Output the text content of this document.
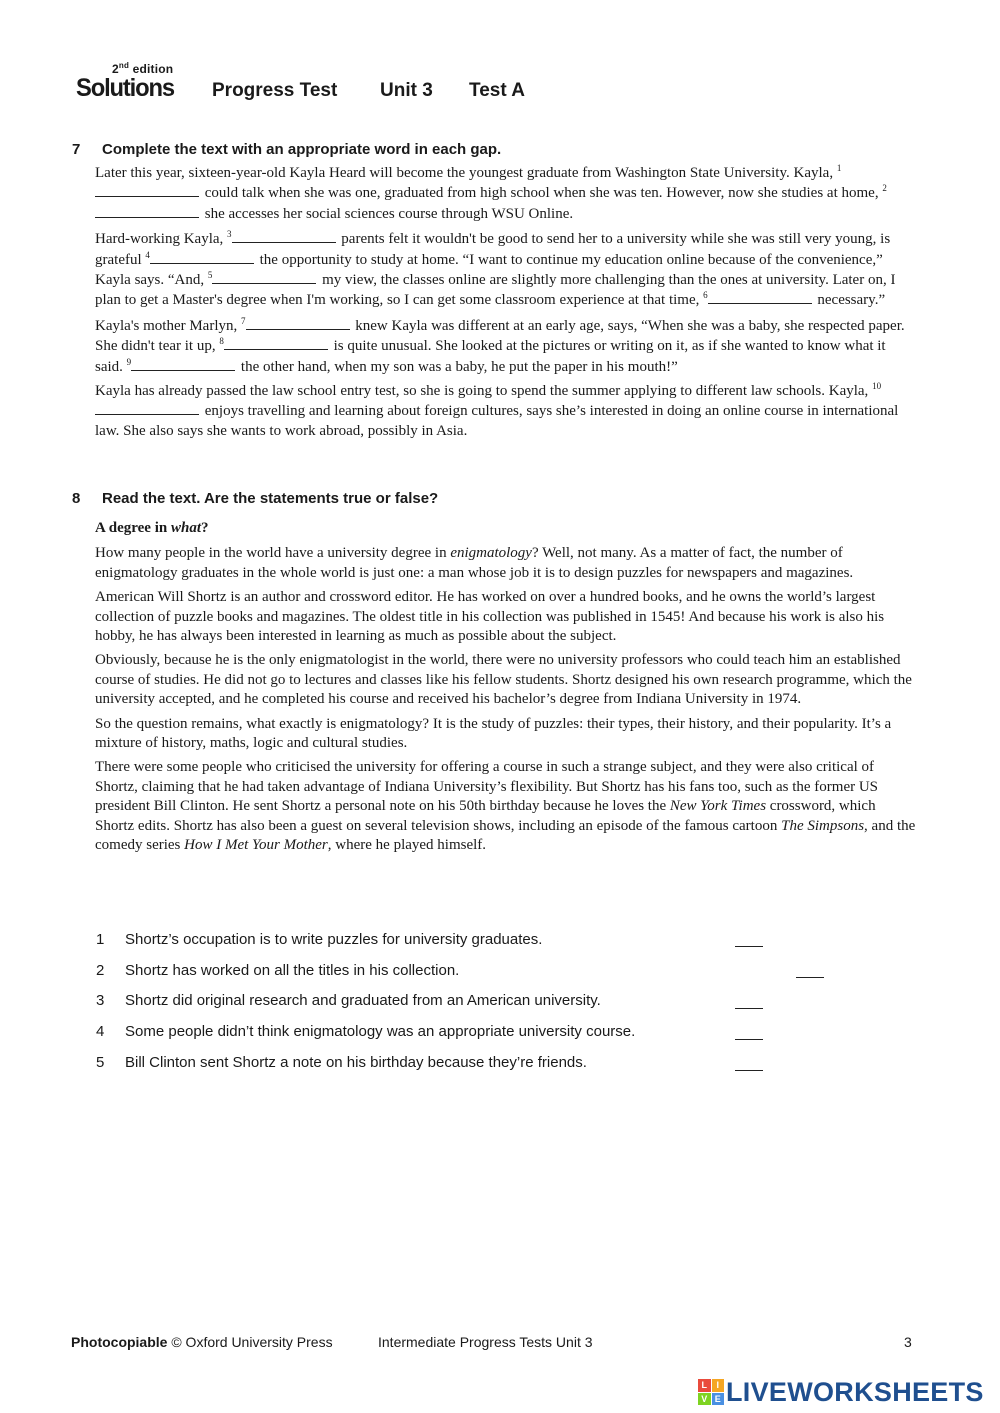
2nd edition
Solutions Progress Test Unit 3 Test A
7 Complete the text with an appropriate word in each gap.

Later this year, sixteen-year-old Kayla Heard will become the youngest graduate from Washington State University. Kayla, $^1$ could talk when she was one, graduated from high school when she was ten. However, now she studies at home, $^2$ she accesses her social sciences course through WSU Online.

Hard-working Kayla, $^3$	parents felt it wouldn't be good to send her to a university while she was still very young, is grateful $^4$	the opportunity to study at home. “I want to continue my education online because of the convenience,” Kayla says. “And, $^5$	my view, the classes online are slightly more challenging than the ones at university. Later on, I plan to get a Master's degree when I'm working, so I can get some classroom experience at that time, $^6$	necessary.”

Kayla's mother Marlyn, $^7$	knew Kayla was different at an early age, says, “When she was a baby, she respected paper. She didn't tear it up, $^8$	is quite unusual. She looked at the pictures or writing on it, as if she wanted to know what it said. $^9$	the other hand, when my son was a baby, he put the paper in his mouth!”

Kayla has already passed the law school entry test, so she is going to spend the summer applying to different law schools. Kayla, $^{10}$ enjoys travelling and learning about foreign cultures, says she’s interested in doing an online course in international law. She also says she wants to work abroad, possibly in Asia.

8 Read the text. Are the statements true or false?

A degree in what?

How many people in the world have a university degree in enigmatology? Well, not many. As a matter of fact, the number of enigmatology graduates in the whole world is just one: a man whose job it is to design puzzles for newspapers and magazines.

American Will Shortz is an author and crossword editor. He has worked on over a hundred books, and he owns the world’s largest collection of puzzle books and magazines. The oldest title in his collection was published in 1545! And because his work is also his hobby, he has always been interested in learning as much as possible about the subject.

Obviously, because he is the only enigmatologist in the world, there were no university professors who could teach him an established course of studies. He did not go to lectures and classes like his fellow students. Shortz designed his own research programme, which the university accepted, and he completed his course and received his bachelor’s degree from Indiana University in 1974.

So the question remains, what exactly is enigmatology? It is the study of puzzles: their types, their history, and their popularity. It’s a mixture of history, maths, logic and cultural studies.

There were some people who criticised the university for offering a course in such a strange subject, and they were also critical of Shortz, claiming that he had taken advantage of Indiana University’s flexibility. But Shortz has his fans too, such as the former US president Bill Clinton. He sent Shortz a personal note on his 50th birthday because he loves the New York Times crossword, which Shortz edits. Shortz has also been a guest on several television shows, including an episode of the famous cartoon The Simpsons, and the comedy series How I Met Your Mother, where he played himself.

1 Shortz’s occupation is to write puzzles for university graduates.
2 Shortz has worked on all the titles in his collection.
3 Shortz did original research and graduated from an American university.
4 Some people didn’t think enigmatology was an appropriate university course.
5 Bill Clinton sent Shortz a note on his birthday because they’re friends.
Photocopiable © Oxford University Press	Intermediate Progress Tests Unit 3	3
L	I
V E LIVEWORKSHEETS
